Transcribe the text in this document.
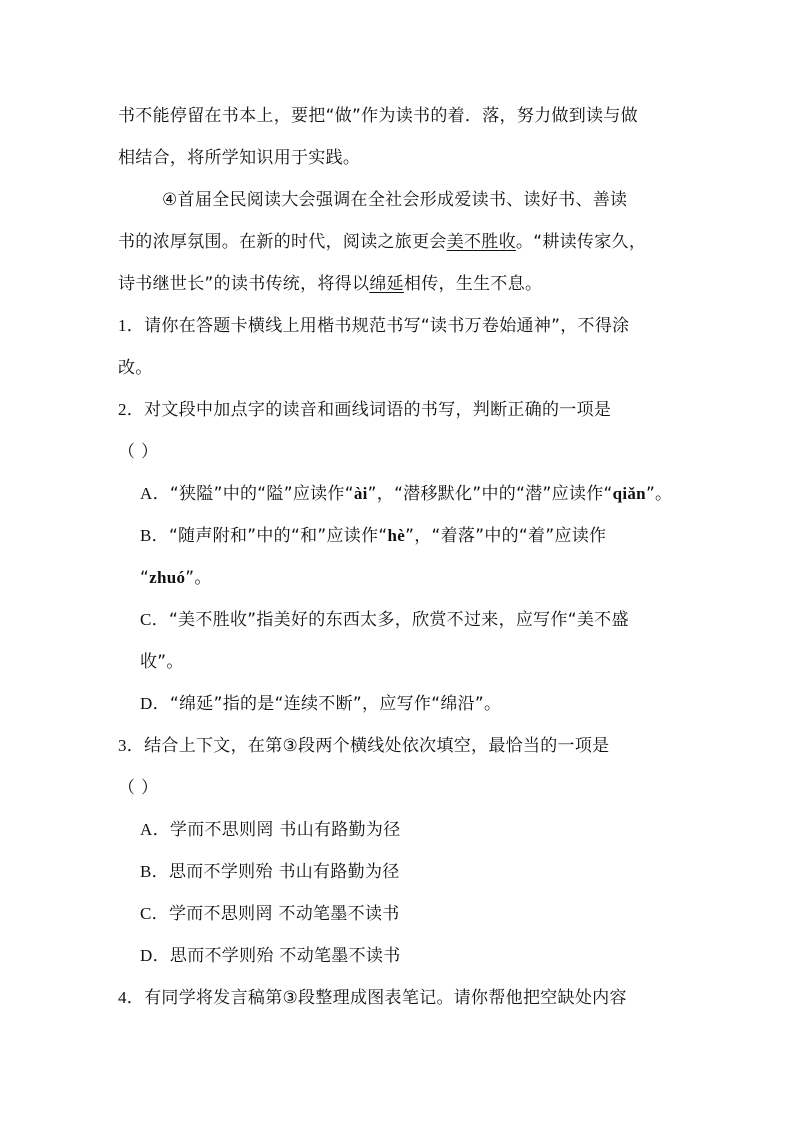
书不能停留在书本上，要把“做”作为读书的着．落，努力做到读与做
相结合，将所学知识用于实践。
④首届全民阅读大会强调在全社会形成爱读书、读好书、善读
书的浓厚氛围。在新的时代，阅读之旅更会美不胜收。“耕读传家久，
诗书继世长”的读书传统，将得以绵延相传，生生不息。
1．请你在答题卡横线上用楷书规范书写“读书万卷始通神”，不得涂
改。
2．对文段中加点字的读音和画线词语的书写，判断正确的一项是
（ ）
A．“狭隘”中的“隘”应读作“ài”，“潜移默化”中的“潜”应读作“qiǎn”。
B．“随声附和”中的“和”应读作“hè”，“着落”中的“着”应读作
“zhuó”。
C．“美不胜收”指美好的东西太多，欣赏不过来，应写作“美不盛
收”。
D．“绵延”指的是“连续不断”，应写作“绵沿”。
3．结合上下文，在第③段两个横线处依次填空，最恰当的一项是
（ ）
A．学而不思则罔 书山有路勤为径
B．思而不学则殆 书山有路勤为径
C．学而不思则罔 不动笔墨不读书
D．思而不学则殆 不动笔墨不读书
4．有同学将发言稿第③段整理成图表笔记。请你帮他把空缺处内容
